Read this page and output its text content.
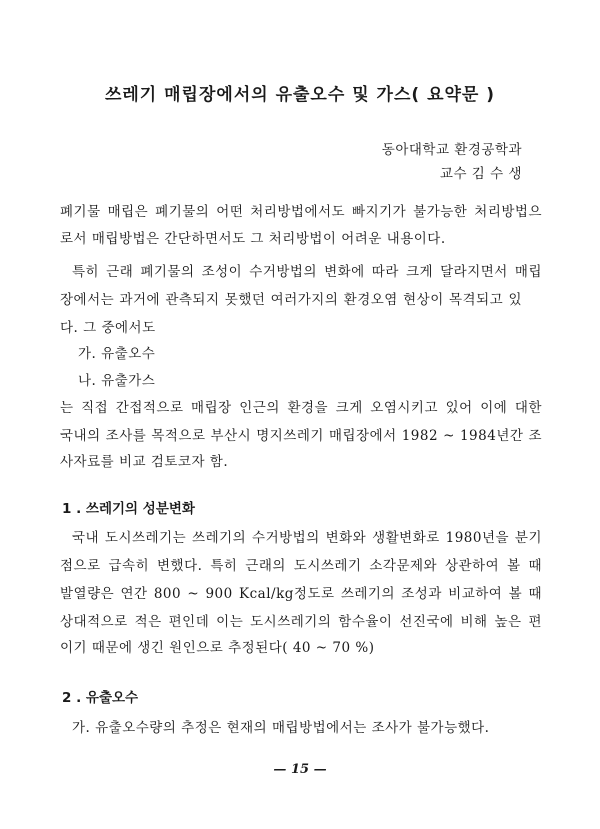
쓰레기 매립장에서의 유출오수 및 가스( 요약문 )
동아대학교 환경공학과
교수 김 수 생
폐기물 매립은 폐기물의 어떤 처리방법에서도 빠지기가 불가능한 처리방법으
로서 매립방법은 간단하면서도 그 처리방법이 어려운 내용이다.
특히 근래 폐기물의 조성이 수거방법의 변화에 따라 크게 달라지면서 매립
장에서는 과거에 관측되지 못했던 여러가지의 환경오염 현상이 목격되고 있
다. 그 중에서도
가. 유출오수
나. 유출가스
는 직접 간접적으로 매립장 인근의 환경을 크게 오염시키고 있어 이에 대한
국내의 조사를 목적으로 부산시 명지쓰레기 매립장에서 1982 ~ 1984년간 조
사자료를 비교 검토코자 함.
1 . 쓰레기의 성분변화
국내 도시쓰레기는 쓰레기의 수거방법의 변화와 생활변화로 1980년을 분기
점으로 급속히 변했다. 특히 근래의 도시쓰레기 소각문제와 상관하여 볼 때
발열량은 연간 800 ~ 900 Kcal/kg정도로 쓰레기의 조성과 비교하여 볼 때
상대적으로 적은 편인데 이는 도시쓰레기의 함수율이 선진국에 비해 높은 편
이기 때문에 생긴 원인으로 추정된다( 40 ~ 70 %)
2 . 유출오수
가. 유출오수량의 추정은 현재의 매립방법에서는 조사가 불가능했다.
— 15 —
